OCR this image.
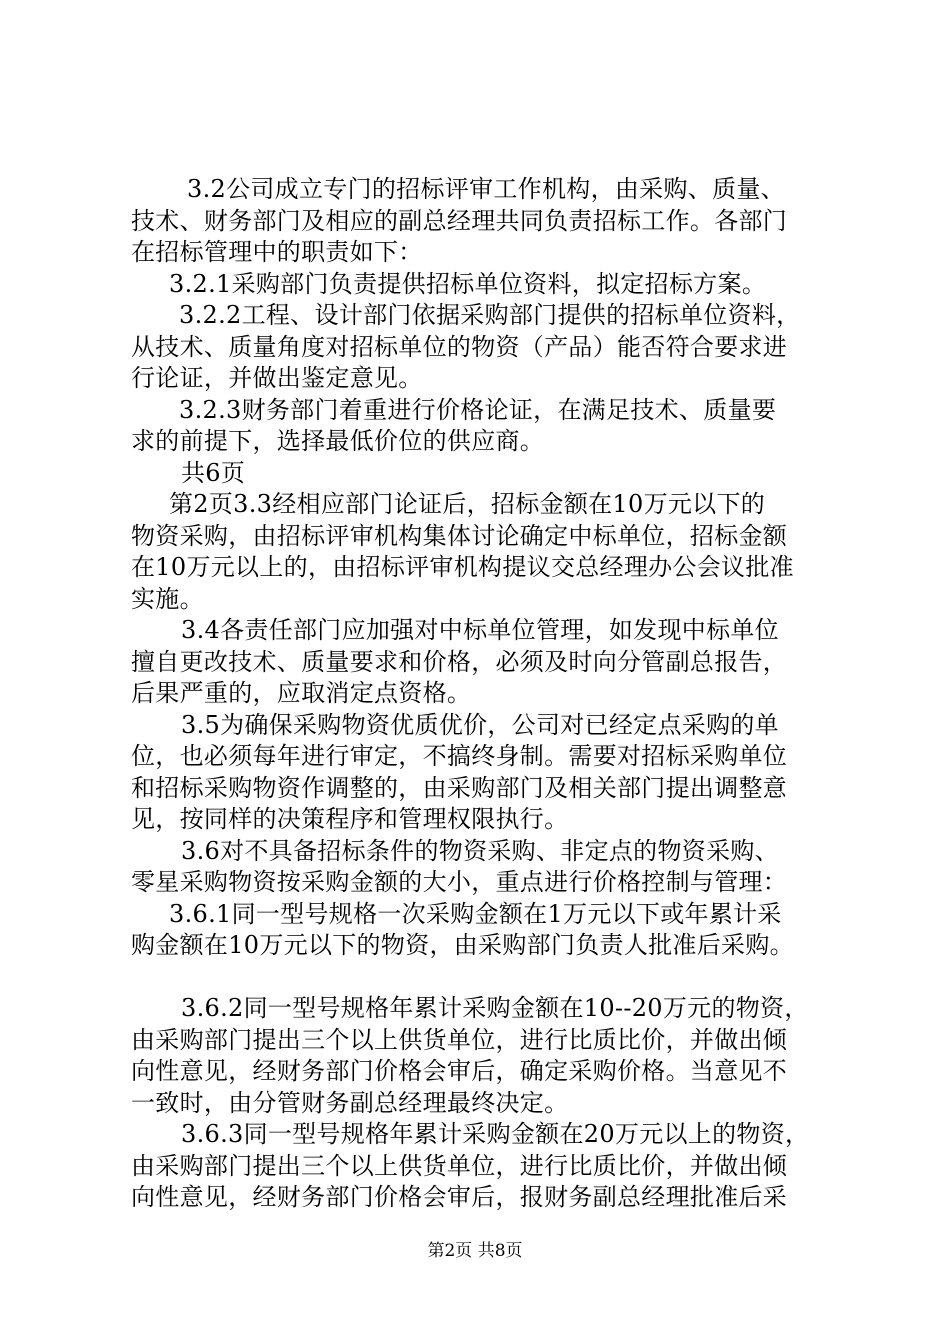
3.2公司成立专门的招标评审工作机构，由采购、质量、
技术、财务部门及相应的副总经理共同负责招标工作。各部门
在招标管理中的职责如下：
3.2.1采购部门负责提供招标单位资料，拟定招标方案。
3.2.2工程、设计部门依据采购部门提供的招标单位资料，
从技术、质量角度对招标单位的物资（产品）能否符合要求进
行论证，并做出鉴定意见。
3.2.3财务部门着重进行价格论证，在满足技术、质量要
求的前提下，选择最低价位的供应商。
共6页
第2页3.3经相应部门论证后，招标金额在10万元以下的
物资采购，由招标评审机构集体讨论确定中标单位，招标金额
在10万元以上的，由招标评审机构提议交总经理办公会议批准
实施。
3.4各责任部门应加强对中标单位管理，如发现中标单位
擅自更改技术、质量要求和价格，必须及时向分管副总报告，
后果严重的，应取消定点资格。
3.5为确保采购物资优质优价，公司对已经定点采购的单
位，也必须每年进行审定，不搞终身制。需要对招标采购单位
和招标采购物资作调整的，由采购部门及相关部门提出调整意
见，按同样的决策程序和管理权限执行。
3.6对不具备招标条件的物资采购、非定点的物资采购、
零星采购物资按采购金额的大小，重点进行价格控制与管理：
3.6.1同一型号规格一次采购金额在1万元以下或年累计采
购金额在10万元以下的物资，由采购部门负责人批准后采购。
3.6.2同一型号规格年累计采购金额在10--20万元的物资，
由采购部门提出三个以上供货单位，进行比质比价，并做出倾
向性意见，经财务部门价格会审后，确定采购价格。当意见不
一致时，由分管财务副总经理最终决定。
3.6.3同一型号规格年累计采购金额在20万元以上的物资，
由采购部门提出三个以上供货单位，进行比质比价，并做出倾
向性意见，经财务部门价格会审后，报财务副总经理批准后采
第2页 共8页
